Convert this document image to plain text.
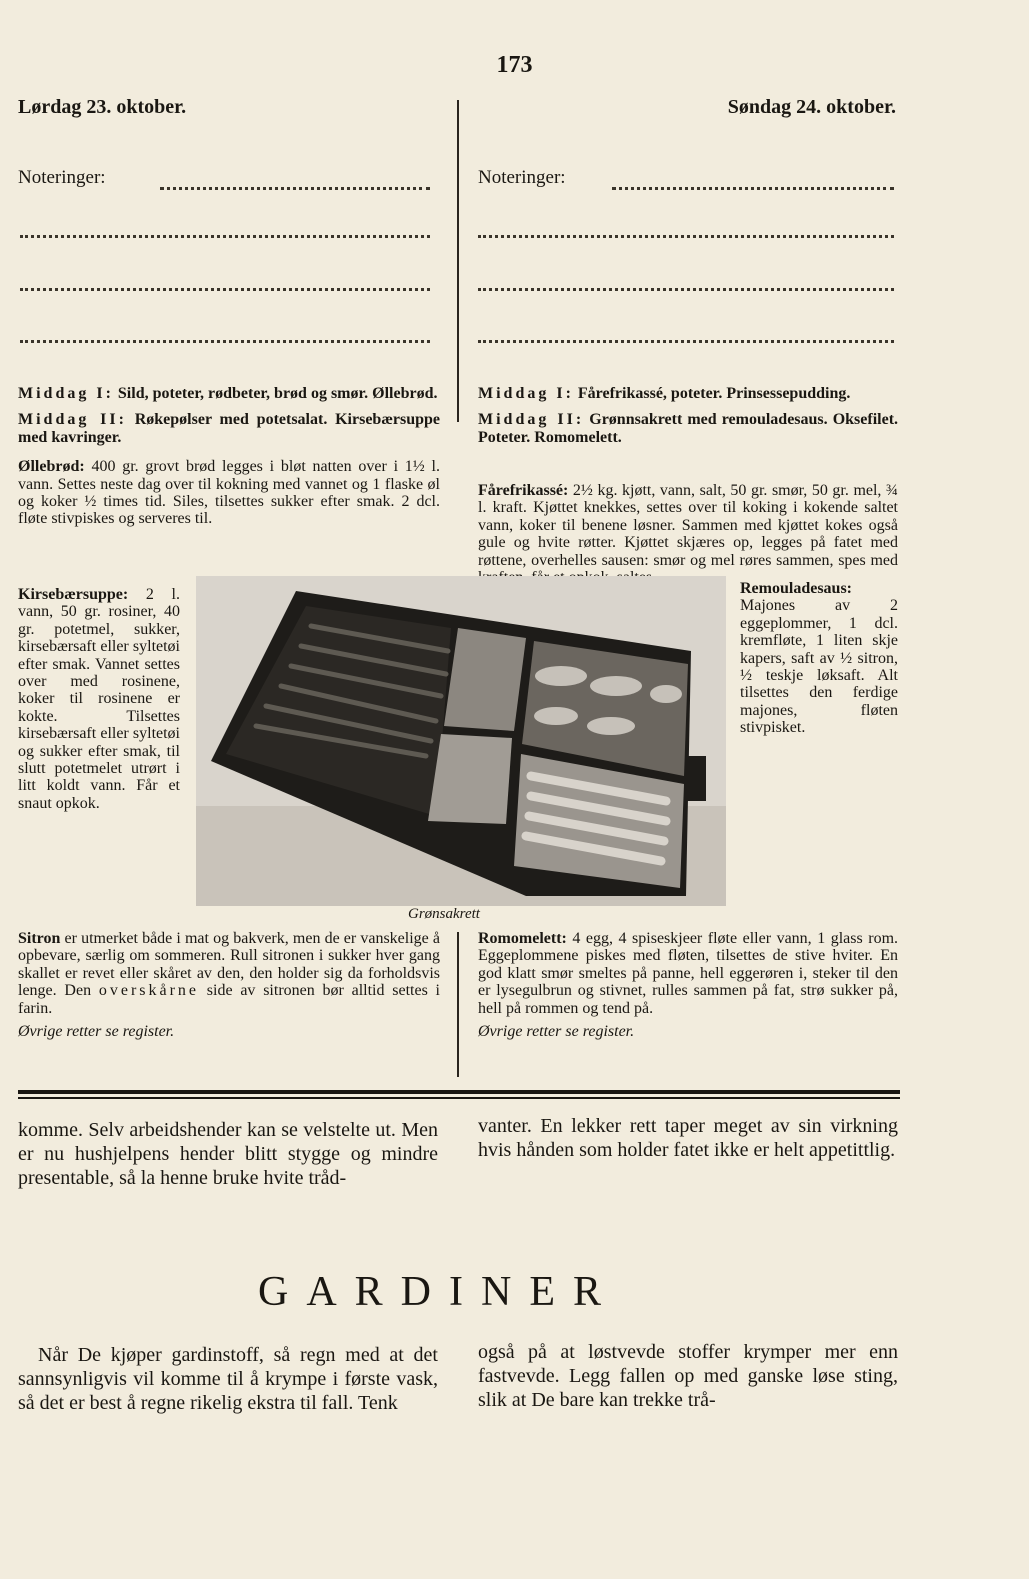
173
Lørdag 23. oktober.	Søndag 24. oktober.
Noteringer:	Noteringer:

Middag I: Sild, poteter, rødbeter, brød og smør. Øllebrød.

Middag II: Røkepølser med potetsalat. Kirsebærsuppe med kavringer.

Øllebrød: 400 gr. grovt brød legges i bløt natten over i 1½ l. vann. Settes neste dag over til kokning med vannet og 1 flaske øl og koker ½ times tid. Siles, tilsettes sukker efter smak. 2 dcl. fløte stivpiskes og serveres til.

Kirsebærsuppe: 2 l. vann, 50 gr. rosiner, 40 gr. potetmel, sukker, kirsebærsaft eller syltetøi efter smak. Vannet settes over med rosinene, koker til rosinene er kokte. Tilsettes kirsebærsaft eller syltetøi og sukker efter smak, til slutt potetmelet utrørt i litt koldt vann. Får et snaut opkok.

Middag I: Fårefrikassé, poteter. Prinsessepudding.

Middag II: Grønnsakrett med remouladesaus. Oksefilet. Poteter. Romomelett.

Fårefrikassé: 2½ kg. kjøtt, vann, salt, 50 gr. smør, 50 gr. mel, ¾ l. kraft. Kjøttet knekkes, settes over til koking i kokende saltet vann, koker til benene løsner. Sammen med kjøttet kokes også gule og hvite røtter. Kjøttet skjæres op, legges på fatet med røttene, overhelles sausen: smør og mel røres sammen, spes med

Remouladesaus: Majones av 2 eggeplommer, 1 dcl. kremfløte, 1 liten skje kapers, saft av ½ sitron, ½ teskje løksaft. Alt tilsettes den ferdige majones, fløten stivpisket.

Grønsakrett

Sitron er utmerket både i mat og bakverk, men de er vanskelige å opbevare, særlig om sommeren. Rull sitronen i sukker hver gang skallet er revet eller skåret av den, den holder sig da forholdsvis lenge. Den overskårne side av sitronen bør alltid settes i farin.

Øvrige retter se register.

Romomelett: 4 egg, 4 spiseskjeer fløte eller vann, 1 glass rom. Eggeplommene piskes med fløten, tilsettes de stive hviter. En god klatt smør smeltes på panne, hell eggerøren i, steker til den er lysegulbrun og stivnet, rulles sammen på fat, strø sukker på, hell på rommen og tend på.

Øvrige retter se register.

komme. Selv arbeidshender kan se velstelte ut. Men er nu hushjelpens hender blitt stygge og mindre presentable, så la henne bruke hvite tråd-

vanter. En lekker rett taper meget av sin virkning hvis hånden som holder fatet ikke er helt appetittlig.

GARDINER

Når De kjøper gardinstoff, så regn med at det sannsynligvis vil komme til å krympe i første vask, så det er best å regne rikelig ekstra til fall. Tenk

også på at løstvevde stoffer krymper mer enn fastvevde. Legg fallen op med ganske løse sting, slik at De bare kan trekke trå-
